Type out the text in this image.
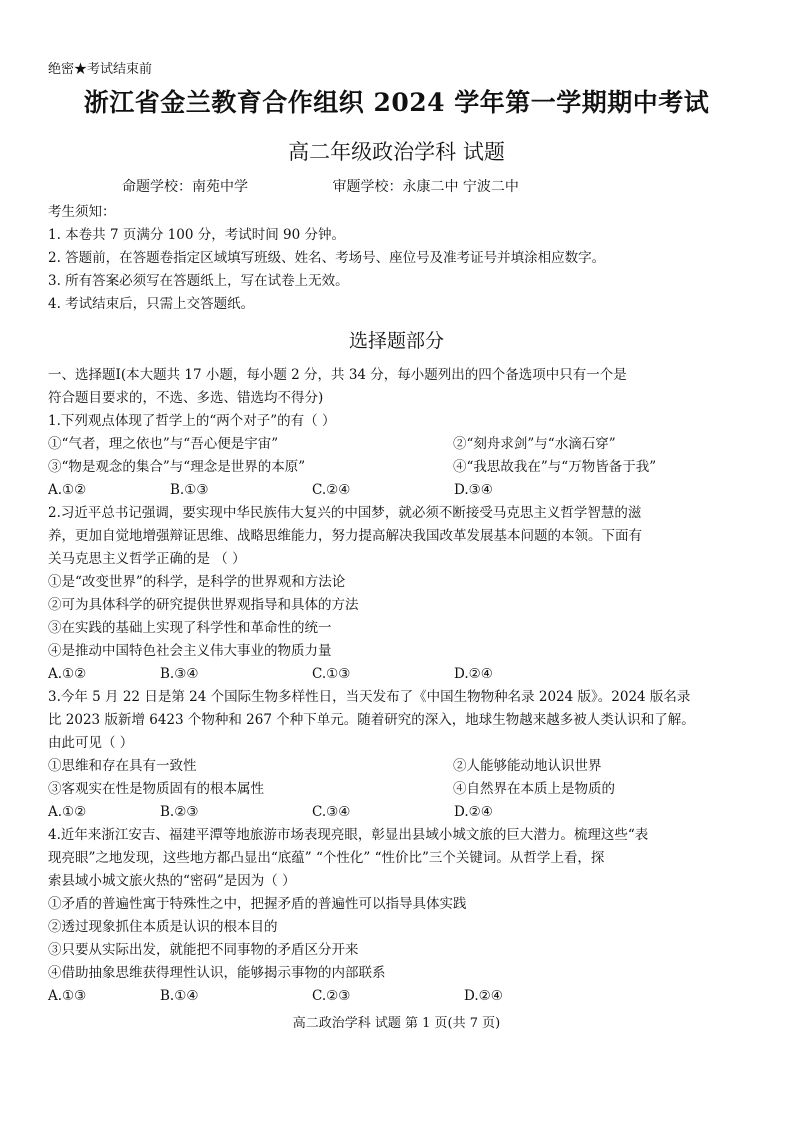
绝密★考试结束前
浙江省金兰教育合作组织 2024 学年第一学期期中考试
高二年级政治学科 试题
命题学校：南苑中学	审题学校：永康二中 宁波二中
考生须知：
1. 本卷共 7 页满分 100 分，考试时间 90 分钟。
2. 答题前，在答题卷指定区域填写班级、姓名、考场号、座位号及准考证号并填涂相应数字。
3. 所有答案必须写在答题纸上，写在试卷上无效。
4. 考试结束后，只需上交答题纸。
选择题部分
一、选择题Ⅰ(本大题共 17 小题，每小题 2 分，共 34 分，每小题列出的四个备选项中只有一个是
符合题目要求的，不选、多选、错选均不得分)
1.下列观点体现了哲学上的“两个对子”的有（ ）
①“气者，理之依也”与“吾心便是宇宙”	②“刻舟求剑”与“水滴石穿”
③“物是观念的集合”与“理念是世界的本原”	④“我思故我在”与“万物皆备于我”
A.①②	B.①③	C.②④	D.③④
2.习近平总书记强调，要实现中华民族伟大复兴的中国梦，就必须不断接受马克思主义哲学智慧的滋
养，更加自觉地增强辩证思维、战略思维能力，努力提高解决我国改革发展基本问题的本领。下面有
关马克思主义哲学正确的是 （ ）
①是“改变世界”的科学，是科学的世界观和方法论
②可为具体科学的研究提供世界观指导和具体的方法
③在实践的基础上实现了科学性和革命性的统一
④是推动中国特色社会主义伟大事业的物质力量
A.①②	B.③④	C.①③	D.②④
3.今年 5 月 22 日是第 24 个国际生物多样性日，当天发布了《中国生物物种名录 2024 版》。2024 版名录
比 2023 版新增 6423 个物种和 267 个种下单元。随着研究的深入，地球生物越来越多被人类认识和了解。
由此可见（ ）
①思维和存在具有一致性	②人能够能动地认识世界
③客观实在性是物质固有的根本属性	④自然界在本质上是物质的
A.①②	B.②③	C.③④	D.②④
4.近年来浙江安吉、福建平潭等地旅游市场表现亮眼，彰显出县域小城文旅的巨大潜力。梳理这些“表
现亮眼”之地发现，这些地方都凸显出“底蕴” “个性化” “性价比”三个关键词。从哲学上看，探
索县域小城文旅火热的“密码”是因为（ ）
①矛盾的普遍性寓于特殊性之中，把握矛盾的普遍性可以指导具体实践
②透过现象抓住本质是认识的根本目的
③只要从实际出发，就能把不同事物的矛盾区分开来
④借助抽象思维获得理性认识，能够揭示事物的内部联系
A.①③	B.①④	C.②③	D.②④
高二政治学科 试题 第 1 页(共 7 页)
